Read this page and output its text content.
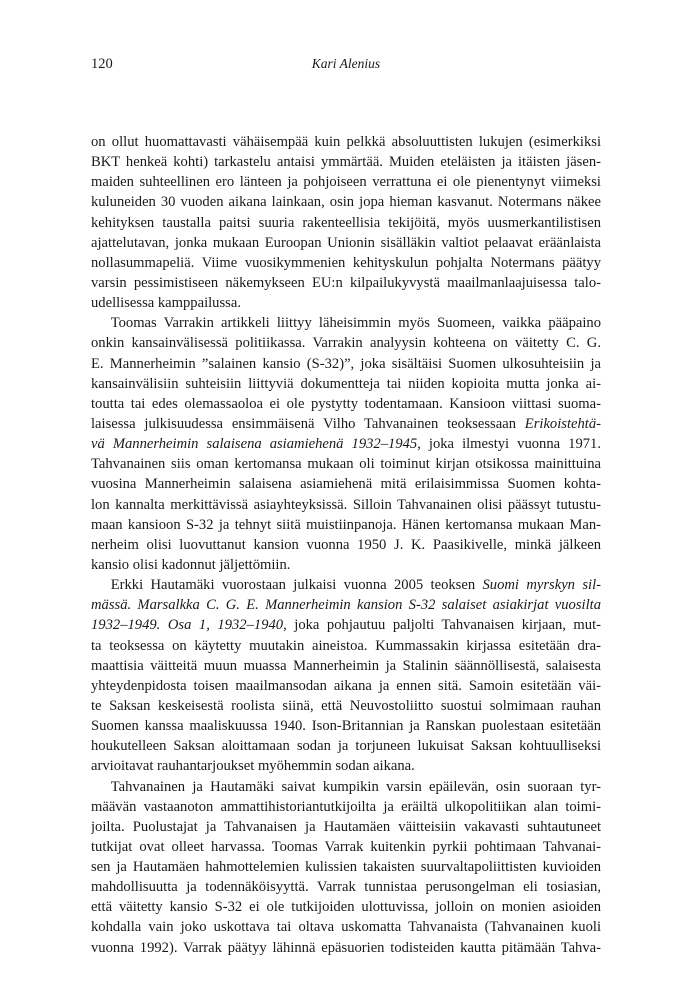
120	Kari Alenius
on ollut huomattavasti vähäisempää kuin pelkkä absoluuttisten lukujen (esimerkiksi
BKT henkeä kohti) tarkastelu antaisi ymmärtää. Muiden eteläisten ja itäisten jäsen-
maiden suhteellinen ero länteen ja pohjoiseen verrattuna ei ole pienentynyt viimeksi
kuluneiden 30 vuoden aikana lainkaan, osin jopa hieman kasvanut. Notermans näkee
kehityksen taustalla paitsi suuria rakenteellisia tekijöitä, myös uusmerkantilistisen
ajattelutavan, jonka mukaan Euroopan Unionin sisälläkin valtiot pelaavat eräänlaista
nollasummapeliä. Viime vuosikymmenien kehityskulun pohjalta Notermans päätyy
varsin pessimistiseen näkemykseen EU:n kilpailukyvystä maailmanlaajuisessa talo-
udellisessa kamppailussa.
Toomas Varrakin artikkeli liittyy läheisimmin myös Suomeen, vaikka pääpaino
onkin kansainvälisessä politiikassa. Varrakin analyysin kohteena on väitetty C. G.
E. Mannerheimin ”salainen kansio (S-32)”, joka sisältäisi Suomen ulkosuhteisiin ja
kansainvälisiin suhteisiin liittyviä dokumentteja tai niiden kopioita mutta jonka ai-
toutta tai edes olemassaoloa ei ole pystytty todentamaan. Kansioon viittasi suoma-
laisessa julkisuudessa ensimmäisenä Vilho Tahvanainen teoksessaan Erikoistehtä-
vä Mannerheimin salaisena asiamiehenä 1932–1945, joka ilmestyi vuonna 1971.
Tahvanainen siis oman kertomansa mukaan oli toiminut kirjan otsikossa mainittuina
vuosina Mannerheimin salaisena asiamiehenä mitä erilaisimmissa Suomen kohta-
lon kannalta merkittävissä asiayhteyksissä. Silloin Tahvanainen olisi päässyt tutustu-
maan kansioon S-32 ja tehnyt siitä muistiinpanoja. Hänen kertomansa mukaan Man-
nerheim olisi luovuttanut kansion vuonna 1950 J. K. Paasikivelle, minkä jälkeen
kansio olisi kadonnut jäljettömiin.
Erkki Hautamäki vuorostaan julkaisi vuonna 2005 teoksen Suomi myrskyn sil-
mässä. Marsalkka C. G. E. Mannerheimin kansion S-32 salaiset asiakirjat vuosilta
1932–1949. Osa 1, 1932–1940, joka pohjautuu paljolti Tahvanaisen kirjaan, mut-
ta teoksessa on käytetty muutakin aineistoa. Kummassakin kirjassa esitetään dra-
maattisia väitteitä muun muassa Mannerheimin ja Stalinin säännöllisestä, salaisesta
yhteydenpidosta toisen maailmansodan aikana ja ennen sitä. Samoin esitetään väi-
te Saksan keskeisestä roolista siinä, että Neuvostoliitto suostui solmimaan rauhan
Suomen kanssa maaliskuussa 1940. Ison-Britannian ja Ranskan puolestaan esitetään
houkutelleen Saksan aloittamaan sodan ja torjuneen lukuisat Saksan kohtuulliseksi
arvioitavat rauhantarjoukset myöhemmin sodan aikana.
Tahvanainen ja Hautamäki saivat kumpikin varsin epäilevän, osin suoraan tyr-
määvän vastaanoton ammattihistoriantutkijoilta ja eräiltä ulkopolitiikan alan toimi-
joilta. Puolustajat ja Tahvanaisen ja Hautamäen väitteisiin vakavasti suhtautuneet
tutkijat ovat olleet harvassa. Toomas Varrak kuitenkin pyrkii pohtimaan Tahvanai-
sen ja Hautamäen hahmottelemien kulissien takaisten suurvaltapoliittisten kuvioiden
mahdollisuutta ja todennäköisyyttä. Varrak tunnistaa perusongelman eli tosiasian,
että väitetty kansio S-32 ei ole tutkijoiden ulottuvissa, jolloin on monien asioiden
kohdalla vain joko uskottava tai oltava uskomatta Tahvanaista (Tahvanainen kuoli
vuonna 1992). Varrak päätyy lähinnä epäsuorien todisteiden kautta pitämään Tahva-
